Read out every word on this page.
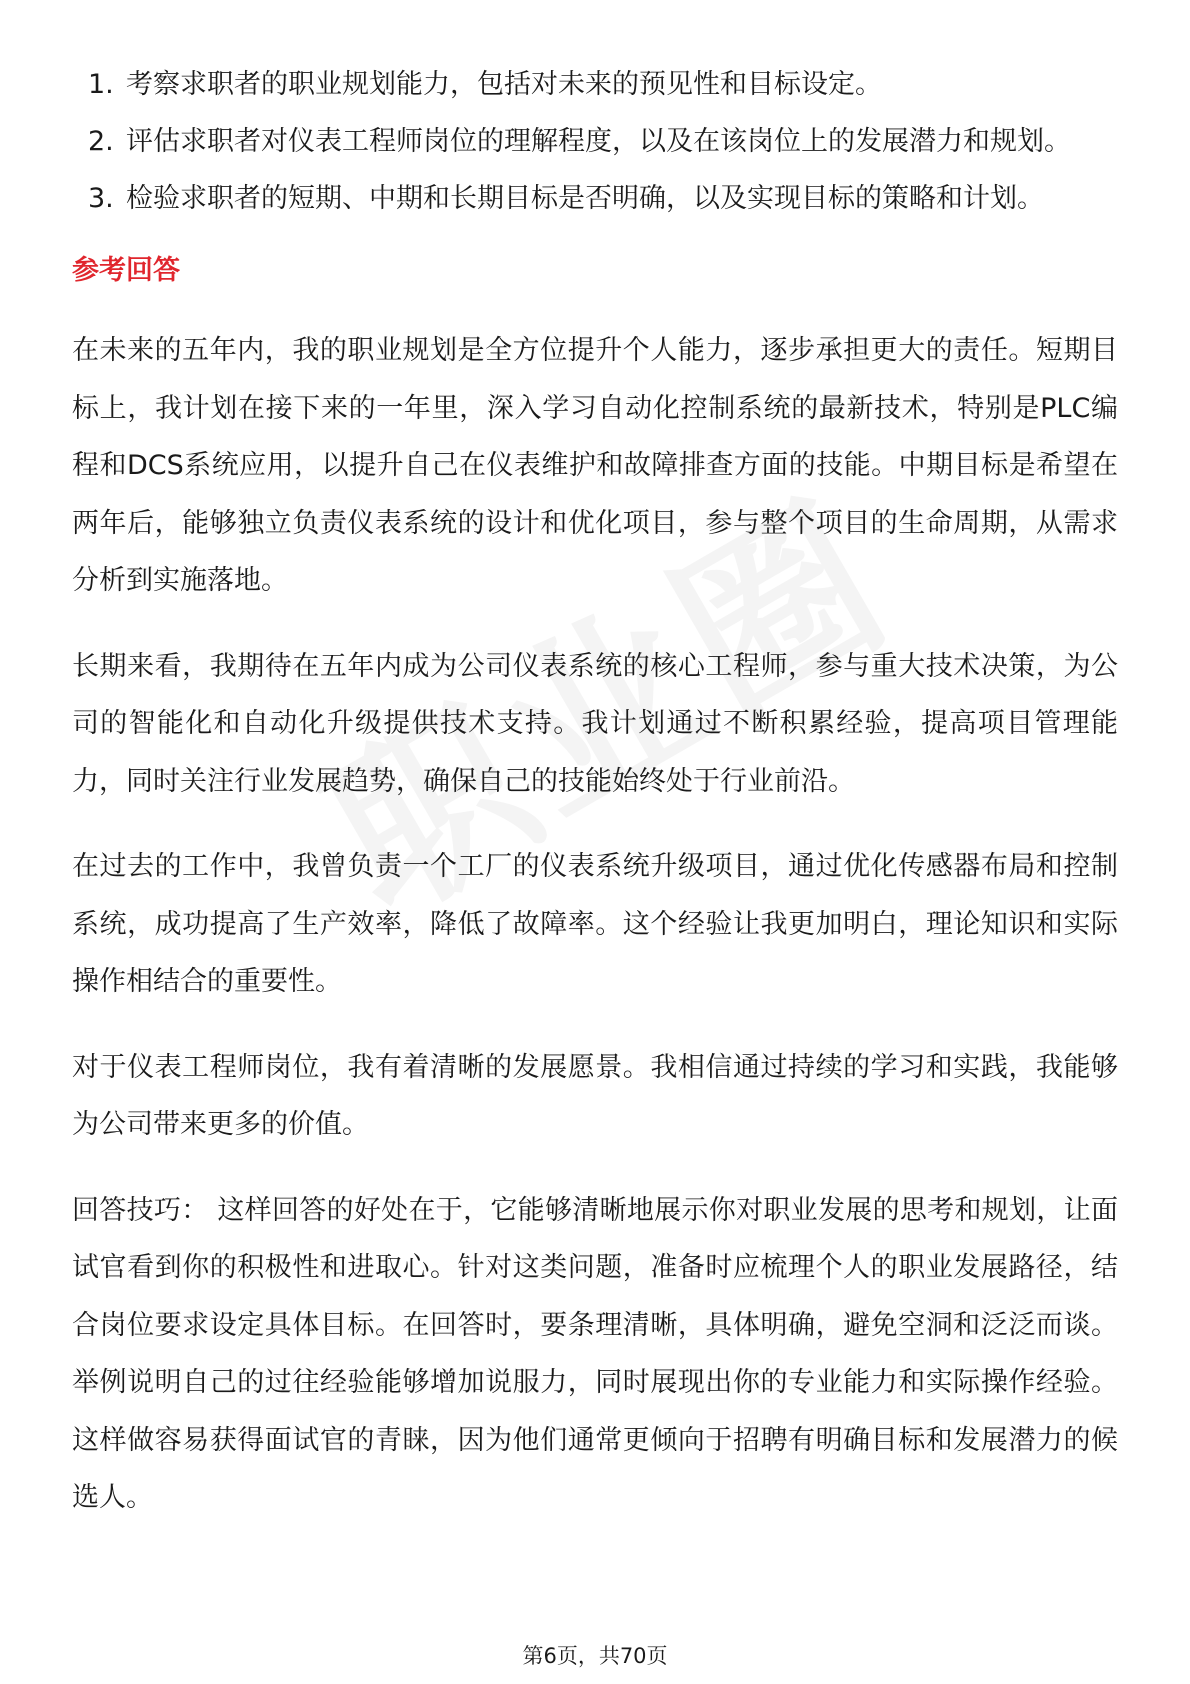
1. 考察求职者的职业规划能力，包括对未来的预见性和目标设定。
2. 评估求职者对仪表工程师岗位的理解程度，以及在该岗位上的发展潜力和规划。
3. 检验求职者的短期、中期和长期目标是否明确，以及实现目标的策略和计划。
参考回答

在未来的五年内，我的职业规划是全方位提升个人能力，逐步承担更大的责任。短期目标上，我计划在接下来的一年里，深入学习自动化控制系统的最新技术，特别是PLC编程和DCS系统应用，以提升自己在仪表维护和故障排查方面的技能。中期目标是希望在两年后，能够独立负责仪表系统的设计和优化项目，参与整个项目的生命周期，从需求分析到实施落地。

长期来看，我期待在五年内成为公司仪表系统的核心工程师，参与重大技术决策，为公司的智能化和自动化升级提供技术支持。我计划通过不断积累经验，提高项目管理能力，同时关注行业发展趋势，确保自己的技能始终处于行业前沿。

在过去的工作中，我曾负责一个工厂的仪表系统升级项目，通过优化传感器布局和控制系统，成功提高了生产效率，降低了故障率。这个经验让我更加明白，理论知识和实际操作相结合的重要性。

对于仪表工程师岗位，我有着清晰的发展愿景。我相信通过持续的学习和实践，我能够为公司带来更多的价值。

回答技巧： 这样回答的好处在于，它能够清晰地展示你对职业发展的思考和规划，让面试官看到你的积极性和进取心。针对这类问题，准备时应梳理个人的职业发展路径，结合岗位要求设定具体目标。在回答时，要条理清晰，具体明确，避免空洞和泛泛而谈。举例说明自己的过往经验能够增加说服力，同时展现出你的专业能力和实际操作经验。这样做容易获得面试官的青睐，因为他们通常更倾向于招聘有明确目标和发展潜力的候选人。

第6页，共70页
